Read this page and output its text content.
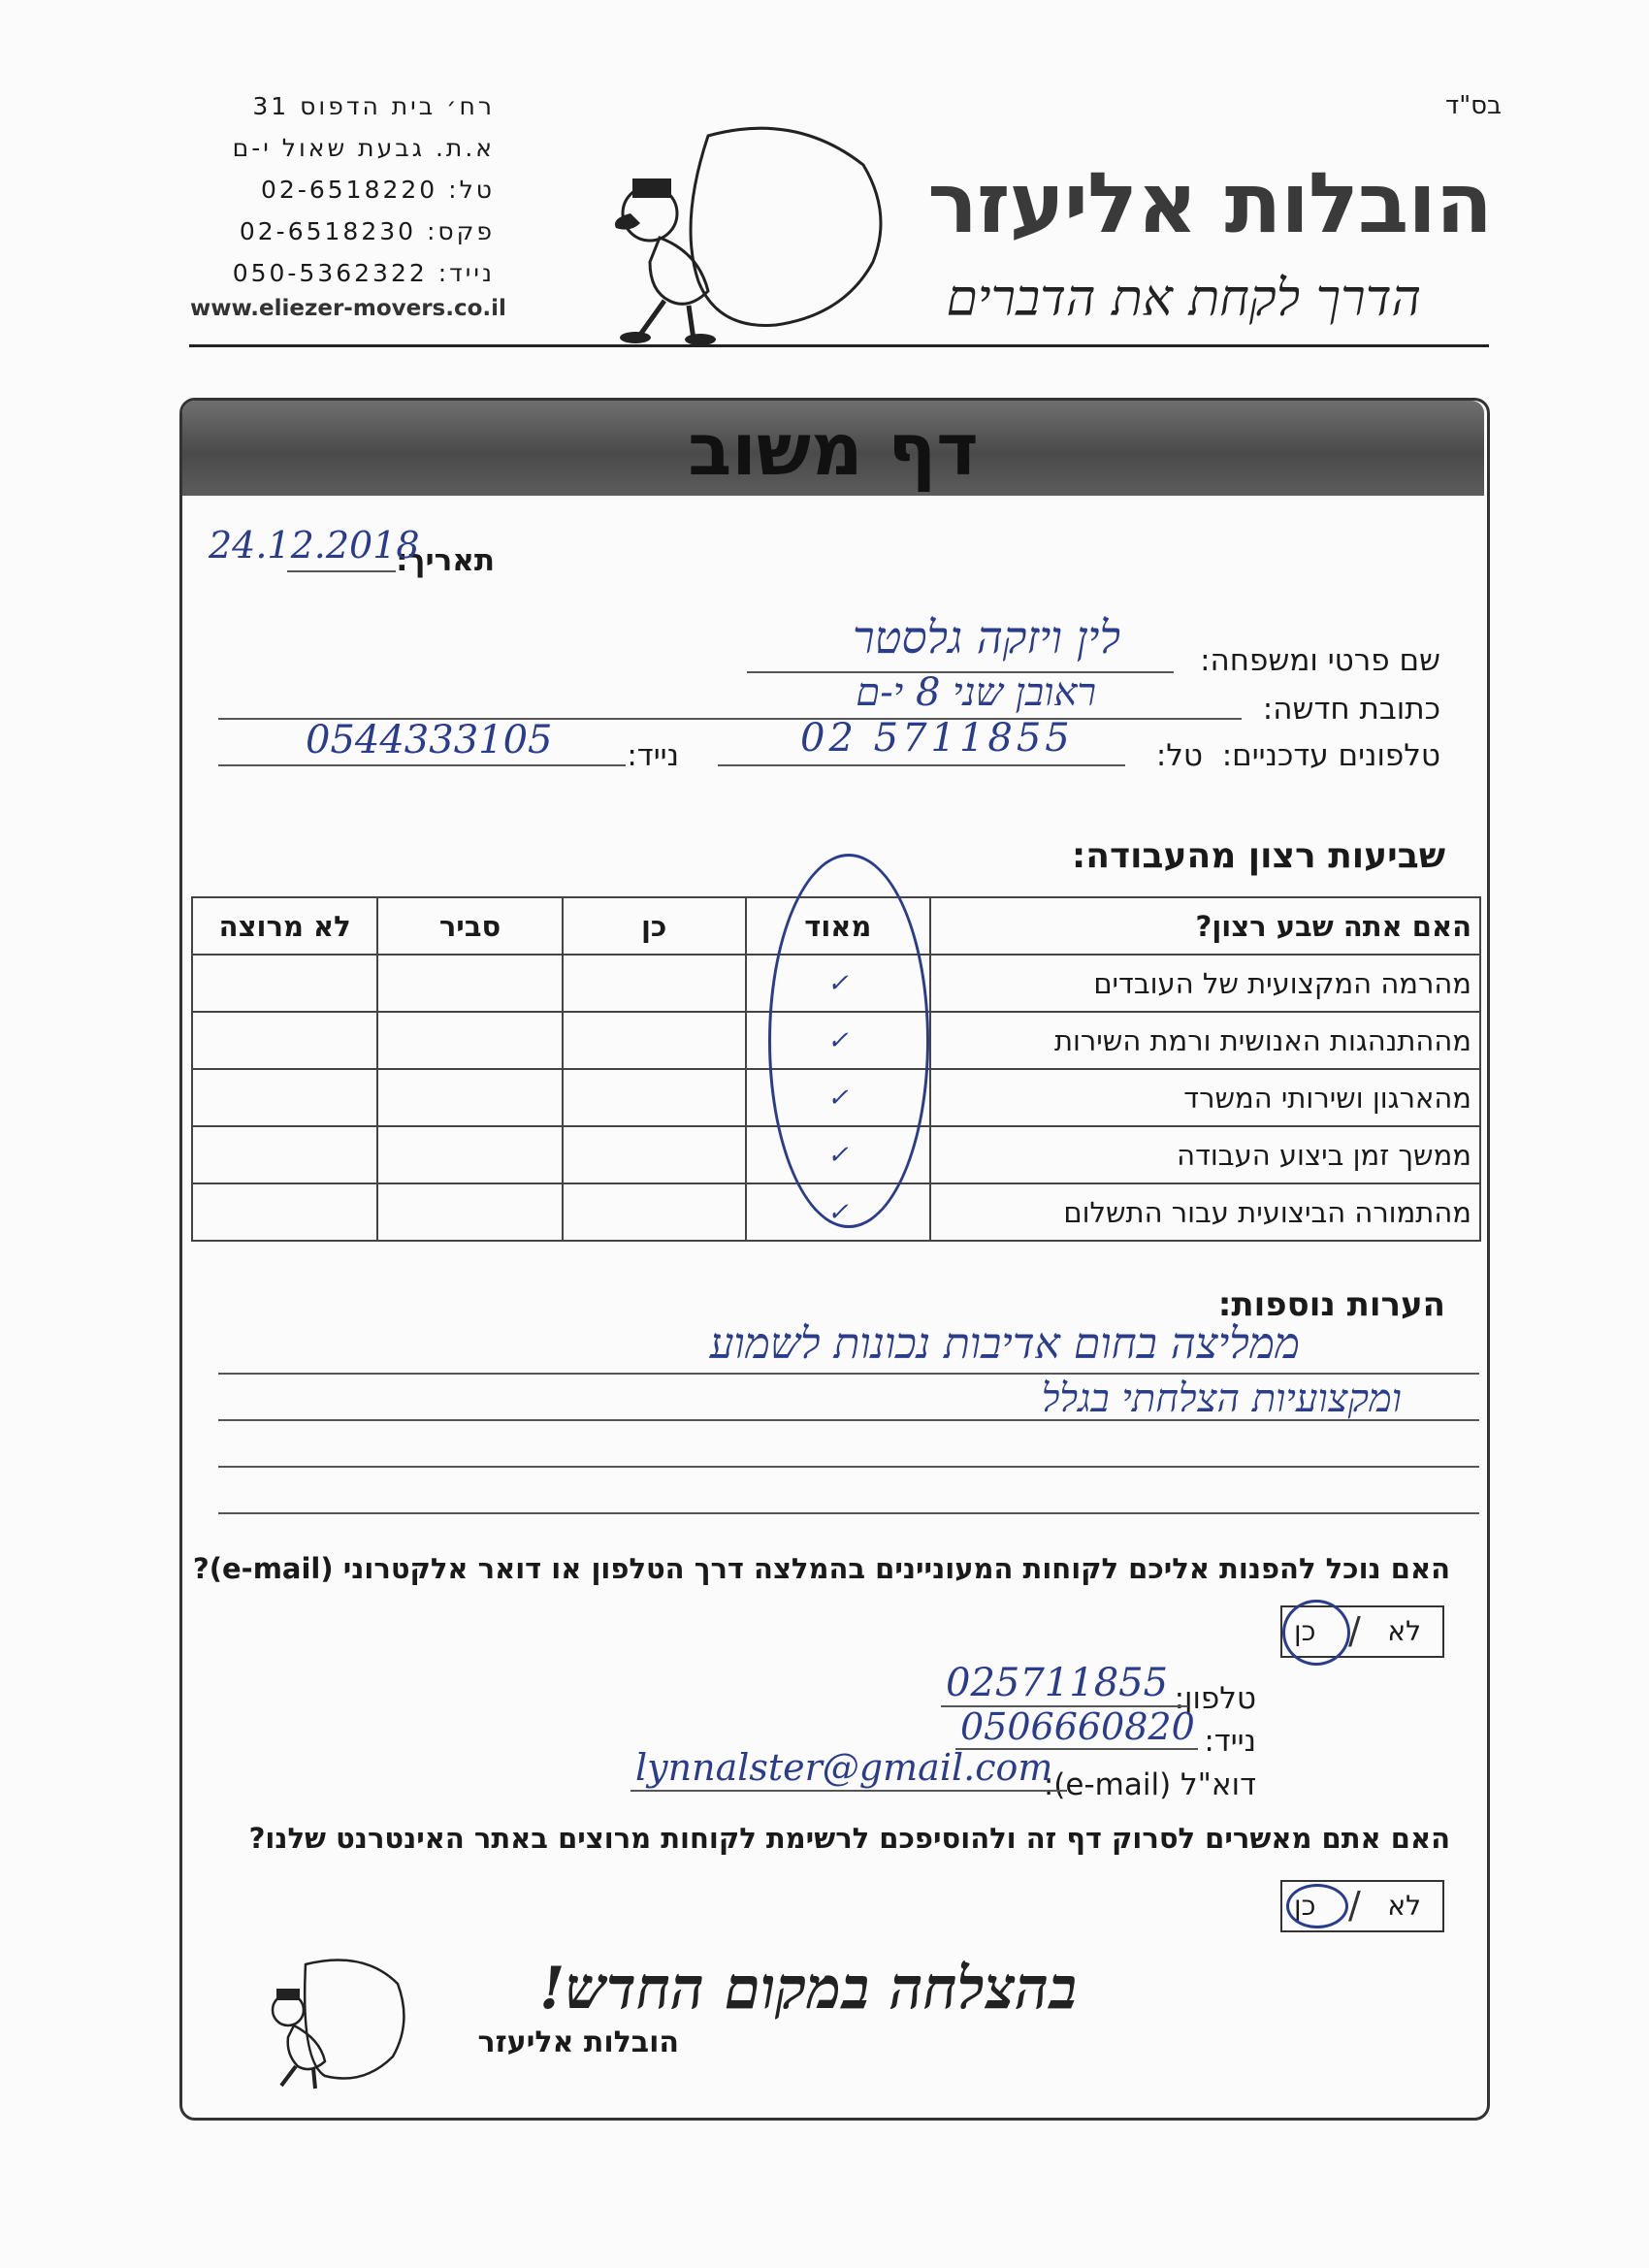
בס"ד
רח׳ בית הדפוס 31
א.ת. גבעת שאול י-ם
טל: 02-6518220
פקס: 02-6518230
נייד: 050-5362322
www.eliezer-movers.co.il
הובלות אליעזר
הדרך לקחת את הדברים
דף משוב
תאריך:
24.12.2018
שם פרטי ומשפחה:
לין ויזקה גלסטר
כתובת חדשה:
ראובן שני 8 י-ם
טלפונים עדכניים:
טל:
02 5711855
נייד:
0544333105
שביעות רצון מהעבודה:
האם אתה שבע רצון?	מאוד	כן	סביר	לא מרוצה
מהרמה המקצועית של העובדים	✓			
מההתנהגות האנושית ורמת השירות	✓			
מהארגון ושירותי המשרד	✓			
ממשך זמן ביצוע העבודה	✓			
מהתמורה הביצועית עבור התשלום	✓			
הערות נוספות:
ממליצה בחום אדיבות נכונות לשמוע
ומקצועיות הצלחתי בגלל
האם נוכל להפנות אליכם לקוחות המעוניינים בהמלצה דרך הטלפון או דואר אלקטרוני (e-mail)?
כן / לא
טלפון:
025711855
נייד:
0506660820
דוא"ל (e-mail):
lynnalster@gmail.com
האם אתם מאשרים לסרוק דף זה ולהוסיפכם לרשימת לקוחות מרוצים באתר האינטרנט שלנו?
כן / לא
בהצלחה במקום החדש!
הובלות אליעזר
